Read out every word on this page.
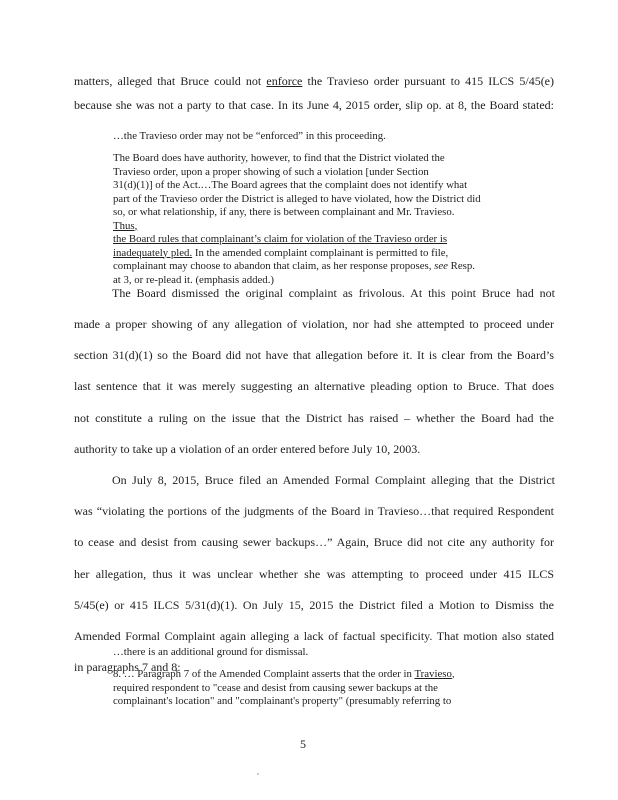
matters, alleged that Bruce could not enforce the Travieso order pursuant to 415 ILCS 5/45(e)

because she was not a party to that case. In its June 4, 2015 order, slip op. at 8, the Board stated:

…the Travieso order may not be “enforced” in this proceeding.

The Board does have authority, however, to find that the District violated the
Travieso order, upon a proper showing of such a violation [under Section
31(d)(1)] of the Act.…The Board agrees that the complaint does not identify what
part of the Travieso order the District is alleged to have violated, how the District did
so, or what relationship, if any, there is between complainant and Mr. Travieso.
Thus,
the Board rules that complainant’s claim for violation of the Travieso order is
inadequately pled. In the amended complaint complainant is permitted to file,
complainant may choose to abandon that claim, as her response proposes, see Resp.
at 3, or re-plead it. (emphasis added.)

The Board dismissed the original complaint as frivolous. At this point Bruce had not

made a proper showing of any allegation of violation, nor had she attempted to proceed under

section 31(d)(1) so the Board did not have that allegation before it. It is clear from the Board’s

last sentence that it was merely suggesting an alternative pleading option to Bruce. That does

not constitute a ruling on the issue that the District has raised – whether the Board had the

authority to take up a violation of an order entered before July 10, 2003.

On July 8, 2015, Bruce filed an Amended Formal Complaint alleging that the District

was “violating the portions of the judgments of the Board in Travieso…that required Respondent

to cease and desist from causing sewer backups…” Again, Bruce did not cite any authority for

her allegation, thus it was unclear whether she was attempting to proceed under 415 ILCS

5/45(e) or 415 ILCS 5/31(d)(1). On July 15, 2015 the District filed a Motion to Dismiss the

Amended Formal Complaint again alleging a lack of factual specificity. That motion also stated

in paragraphs 7 and 8:

…there is an additional ground for dismissal.

8. … Paragraph 7 of the Amended Complaint asserts that the order in Travieso,
required respondent to "cease and desist from causing sewer backups at the
complainant's location" and "complainant's property" (presumably referring to

5
